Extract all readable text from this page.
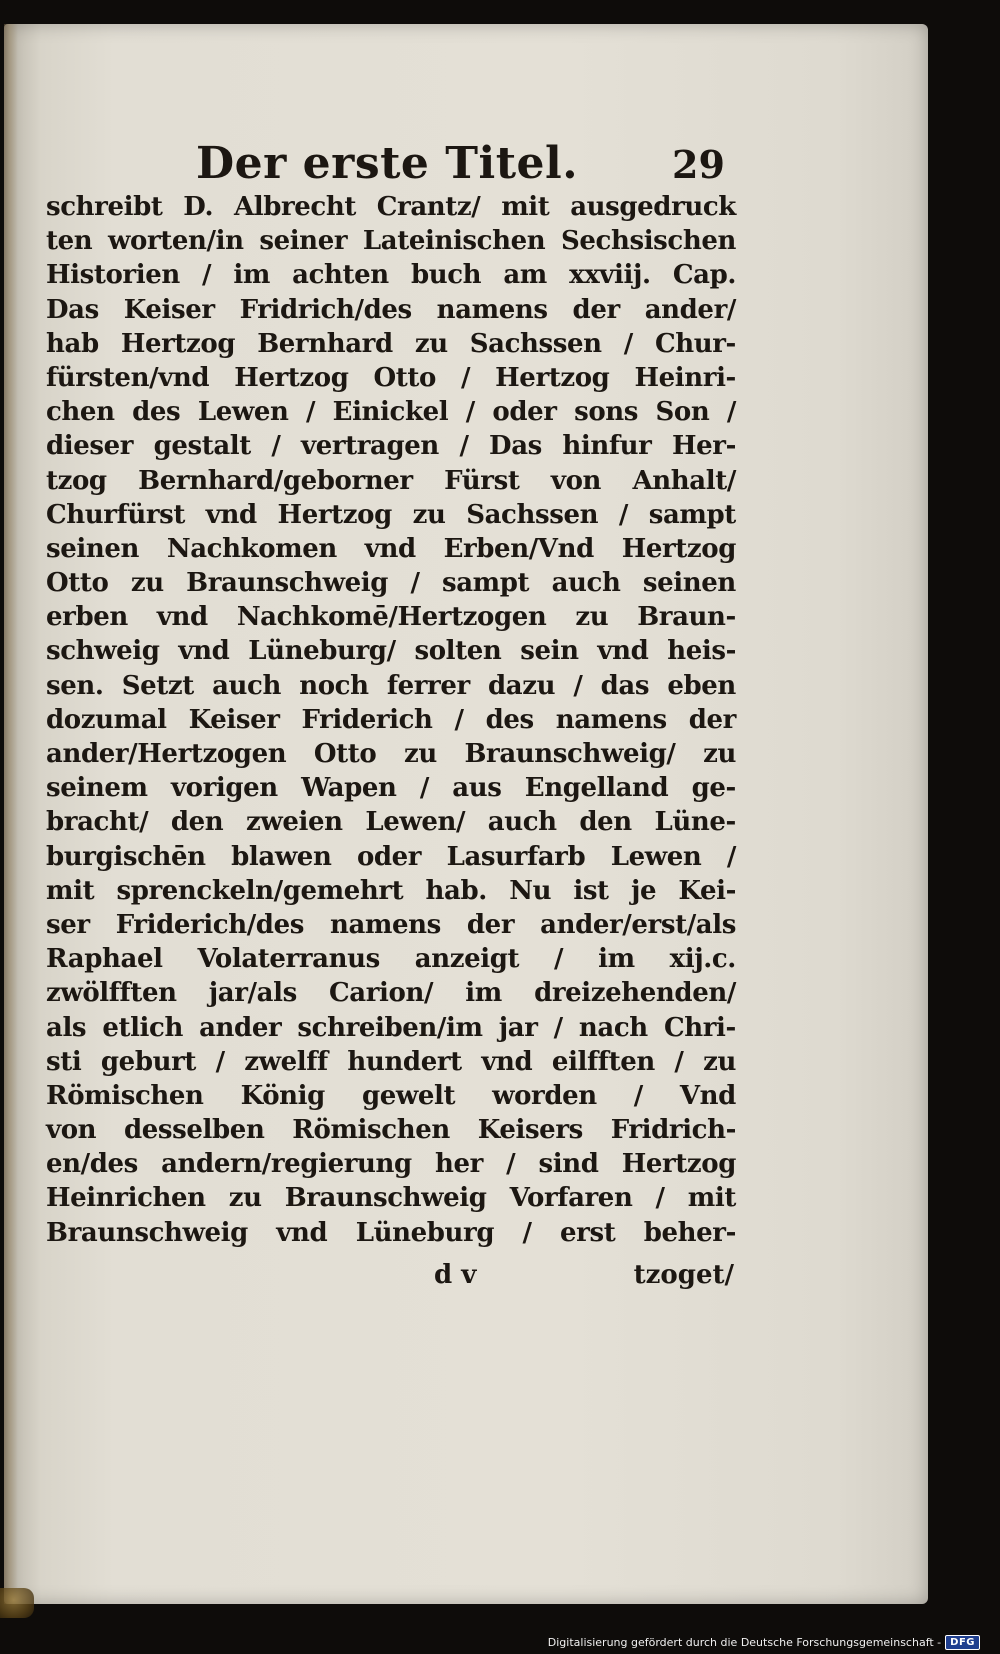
Der erste Titel. 29
schreibt D. Albrecht Crantz/ mit ausgedruck
ten worten/in seiner Lateinischen Sechsischen
Historien / im achten buch am xxviij. Cap.
Das Keiser Fridrich/des namens der ander/
hab Hertzog Bernhard zu Sachssen / Chur-
fürsten/vnd Hertzog Otto / Hertzog Heinri-
chen des Lewen / Einickel / oder sons Son /
dieser gestalt / vertragen / Das hinfur Her-
tzog Bernhard/geborner Fürst von Anhalt/
Churfürst vnd Hertzog zu Sachssen / sampt
seinen Nachkomen vnd Erben/Vnd Hertzog
Otto zu Braunschweig / sampt auch seinen
erben vnd Nachkomē/Hertzogen zu Braun-
schweig vnd Lüneburg/ solten sein vnd heis-
sen. Setzt auch noch ferrer dazu / das eben
dozumal Keiser Friderich / des namens der
ander/Hertzogen Otto zu Braunschweig/ zu
seinem vorigen Wapen / aus Engelland ge-
bracht/ den zweien Lewen/ auch den Lüne-
burgischēn blawen oder Lasurfarb Lewen /
mit sprenckeln/gemehrt hab. Nu ist je Kei-
ser Friderich/des namens der ander/erst/als
Raphael Volaterranus anzeigt / im xij.c.
zwölfften jar/als Carion/ im dreizehenden/
als etlich ander schreiben/im jar / nach Chri-
sti geburt / zwelff hundert vnd eilfften / zu
Römischen König gewelt worden / Vnd
von desselben Römischen Keisers Fridrich-
en/des andern/regierung her / sind Hertzog
Heinrichen zu Braunschweig Vorfaren / mit
Braunschweig vnd Lüneburg / erst beher-
d v	tzoget/
Digitalisierung gefördert durch die Deutsche Forschungsgemeinschaft - DFG
